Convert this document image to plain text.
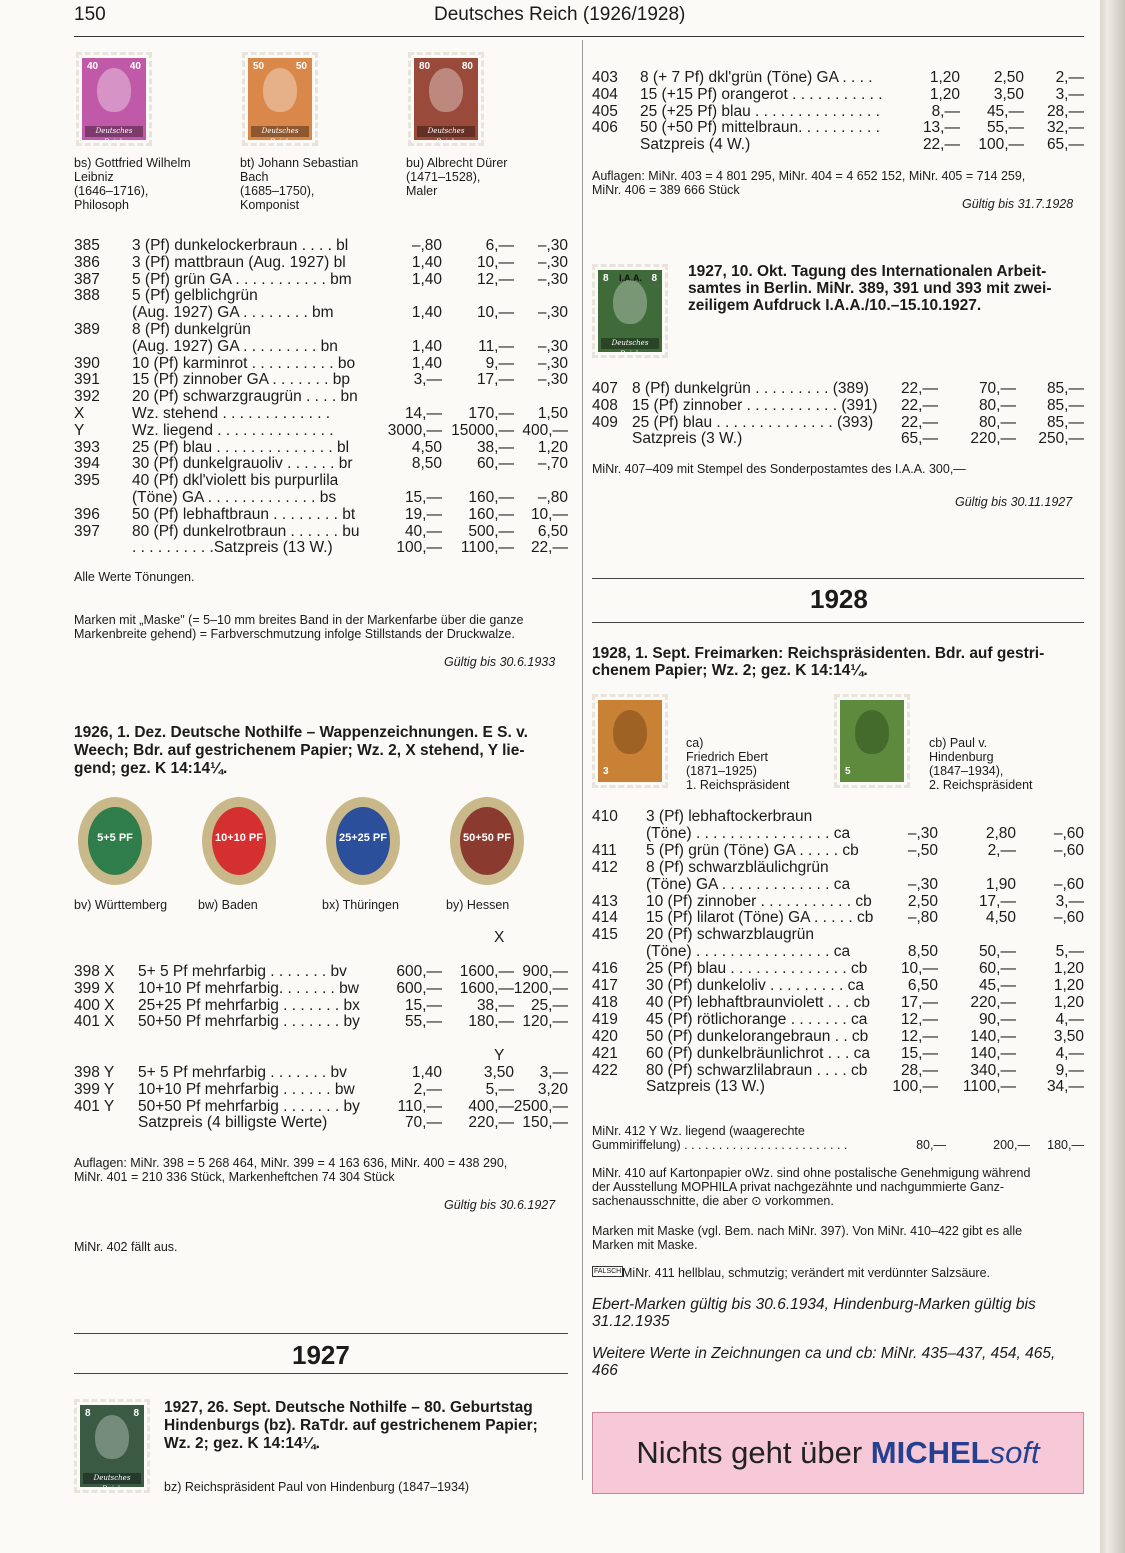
150	Deutsches Reich (1926/1928)
40	40
Deutsches Reich
bs) Gottfried Wilhelm
Leibniz
(1646–1716),
Philosoph
50	50
Deutsches Reich
bt) Johann Sebastian
Bach
(1685–1750),
Komponist
80	80
Deutsches Reich
bu) Albrecht Dürer
(1471–1528),
Maler
385 3 (Pf) dunkelockerbraun . . . . bl	–,80	6,—	–,30
386 3 (Pf) mattbraun (Aug. 1927) bl	1,40	10,—	–,30
387 5 (Pf) grün GA . . . . . . . . . . . bm	1,40	12,—	–,30
388 5 (Pf) gelblichgrün
(Aug. 1927) GA . . . . . . . . bm	1,40	10,—	–,30
389 8 (Pf) dunkelgrün
(Aug. 1927) GA . . . . . . . . . bn	1,40	11,—	–,30
390 10 (Pf) karminrot . . . . . . . . . . bo	1,40	9,—	–,30
391 15 (Pf) zinnober GA . . . . . . . bp	3,—	17,—	–,30
392 20 (Pf) schwarzgraugrün . . . . bn
X	Wz. stehend . . . . . . . . . . . . .	14,—	170,—	1,50
Y	Wz. liegend . . . . . . . . . . . . . .	3000,— 15000,— 400,—
393 25 (Pf) blau . . . . . . . . . . . . . . bl	4,50	38,—	1,20
394 30 (Pf) dunkelgrauoliv . . . . . . br	8,50	60,—	–,70
395 40 (Pf) dkl'violett bis purpurlila
(Töne) GA . . . . . . . . . . . . . bs	15,—	160,—	–,80
396 50 (Pf) lebhaftbraun . . . . . . . . bt	19,—	160,—	10,—
397 80 (Pf) dunkelrotbraun . . . . . . bu	40,—	500,—	6,50
. . . . . . . . . .Satzpreis (13 W.)	100,—	1100,—	22,—
Alle Werte Tönungen.
Marken mit „Maske" (= 5–10 mm breites Band in der Markenfarbe über die ganze
Markenbreite gehend) = Farbverschmutzung infolge Stillstands der Druckwalze.
Gültig bis 30.6.1933
1926, 1. Dez. Deutsche Nothilfe – Wappenzeichnungen. E S. v.
Weech; Bdr. auf gestrichenem Papier; Wz. 2, X stehend, Y lie-
gend; gez. K 14:14¼.
5+5 PF
bv) Württemberg
10+10 PF
bw) Baden
25+25 PF
bx) Thüringen
50+50 PF
by) Hessen
X
398 X 5+ 5 Pf mehrfarbig . . . . . . . bv	600,—	1600,— 900,—
399 X 10+10 Pf mehrfarbig. . . . . . . bw	600,—	1600,— 1200,—
400 X 25+25 Pf mehrfarbig . . . . . . . bx	15,—	38,—	25,—
401 X 50+50 Pf mehrfarbig . . . . . . . by	55,—	180,— 120,—
Y
398 Y 5+ 5 Pf mehrfarbig . . . . . . . bv	1,40	3,50	3,—
399 Y 10+10 Pf mehrfarbig . . . . . . bw	2,—	5,—	3,20
401 Y 50+50 Pf mehrfarbig . . . . . . . by	110,—	400,— 2500,—
Satzpreis (4 billigste Werte)	70,—	220,— 150,—
Auflagen: MiNr. 398 = 5 268 464, MiNr. 399 = 4 163 636, MiNr. 400 = 438 290,
MiNr. 401 = 210 336 Stück, Markenheftchen 74 304 Stück
Gültig bis 30.6.1927
MiNr. 402 fällt aus.
1927
8	8
Deutsches Reich
1927, 26. Sept. Deutsche Nothilfe – 80. Geburtstag
Hindenburgs (bz). RaTdr. auf gestrichenem Papier;
Wz. 2; gez. K 14:14¼.
bz) Reichspräsident Paul von Hindenburg (1847–1934)
403 8 (+ 7 Pf) dkl'grün (Töne) GA . . . .	1,20	2,50	2,—
404 15 (+15 Pf) orangerot . . . . . . . . . . .	1,20	3,50	3,—
405 25 (+25 Pf) blau . . . . . . . . . . . . . . .	8,—	45,—	28,—
406 50 (+50 Pf) mittelbraun. . . . . . . . . .	13,—	55,—	32,—
Satzpreis (4 W.)	22,—	100,—	65,—
Auflagen: MiNr. 403 = 4 801 295, MiNr. 404 = 4 652 152, MiNr. 405 = 714 259,
MiNr. 406 = 389 666 Stück
Gültig bis 31.7.1928
8	8
I.A.A.
Deutsches Reich
1927, 10. Okt. Tagung des Internationalen Arbeit-
samtes in Berlin. MiNr. 389, 391 und 393 mit zwei-
zeiligem Aufdruck I.A.A./10.–15.10.1927.
407 8 (Pf) dunkelgrün . . . . . . . . . (389)	22,—	70,—	85,—
408 15 (Pf) zinnober . . . . . . . . . . . (391)	22,—	80,—	85,—
409 25 (Pf) blau . . . . . . . . . . . . . . (393)	22,—	80,—	85,—
Satzpreis (3 W.)	65,—	220,—	250,—
MiNr. 407–409 mit Stempel des Sonderpostamtes des I.A.A. 300,—
Gültig bis 30.11.1927
1928
1928, 1. Sept. Freimarken: Reichspräsidenten. Bdr. auf gestri-
chenem Papier; Wz. 2; gez. K 14:14¼.
3
ca)
Friedrich Ebert
(1871–1925)
1. Reichspräsident
5
cb) Paul v.
Hindenburg
(1847–1934),
2. Reichspräsident
410 3 (Pf) lebhaftockerbraun
(Töne) . . . . . . . . . . . . . . . . ca	–,30	2,80	–,60
411 5 (Pf) grün (Töne) GA . . . . . cb	–,50	2,—	–,60
412 8 (Pf) schwarzbläulichgrün
(Töne) GA . . . . . . . . . . . . . ca	–,30	1,90	–,60
413 10 (Pf) zinnober . . . . . . . . . . . cb	2,50	17,—	3,—
414 15 (Pf) lilarot (Töne) GA . . . . . cb	–,80	4,50	–,60
415 20 (Pf) schwarzblaugrün
(Töne) . . . . . . . . . . . . . . . . ca	8,50	50,—	5,—
416 25 (Pf) blau . . . . . . . . . . . . . . cb	10,—	60,—	1,20
417 30 (Pf) dunkeloliv . . . . . . . . . ca	6,50	45,—	1,20
418 40 (Pf) lebhaftbraunviolett . . . cb	17,—	220,—	1,20
419 45 (Pf) rötlichorange . . . . . . . ca	12,—	90,—	4,—
420 50 (Pf) dunkelorangebraun . . cb	12,—	140,—	3,50
421 60 (Pf) dunkelbräunlichrot . . . ca	15,—	140,—	4,—
422 80 (Pf) schwarzlilabraun . . . . cb	28,—	340,—	9,—
Satzpreis (13 W.)	100,—	1100,—	34,—
MiNr. 412 Y Wz. liegend (waagerechte
Gummiriffelung) . . . . . . . . . . . . . . . . . . . . . . . .	80,—	200,—	180,—
MiNr. 410 auf Kartonpapier oWz. sind ohne postalische Genehmigung während
der Ausstellung MOPHILA privat nachgezähnte und nachgummierte Ganz-
sachenausschnitte, die aber ⊙ vorkommen.
Marken mit Maske (vgl. Bem. nach MiNr. 397). Von MiNr. 410–422 gibt es alle
Marken mit Maske.
FALSCH MiNr. 411 hellblau, schmutzig; verändert mit verdünnter Salzsäure.
Ebert-Marken gültig bis 30.6.1934, Hindenburg-Marken gültig bis
31.12.1935
Weitere Werte in Zeichnungen ca und cb: MiNr. 435–437, 454, 465,
466
Nichts geht über MICHELsoft
